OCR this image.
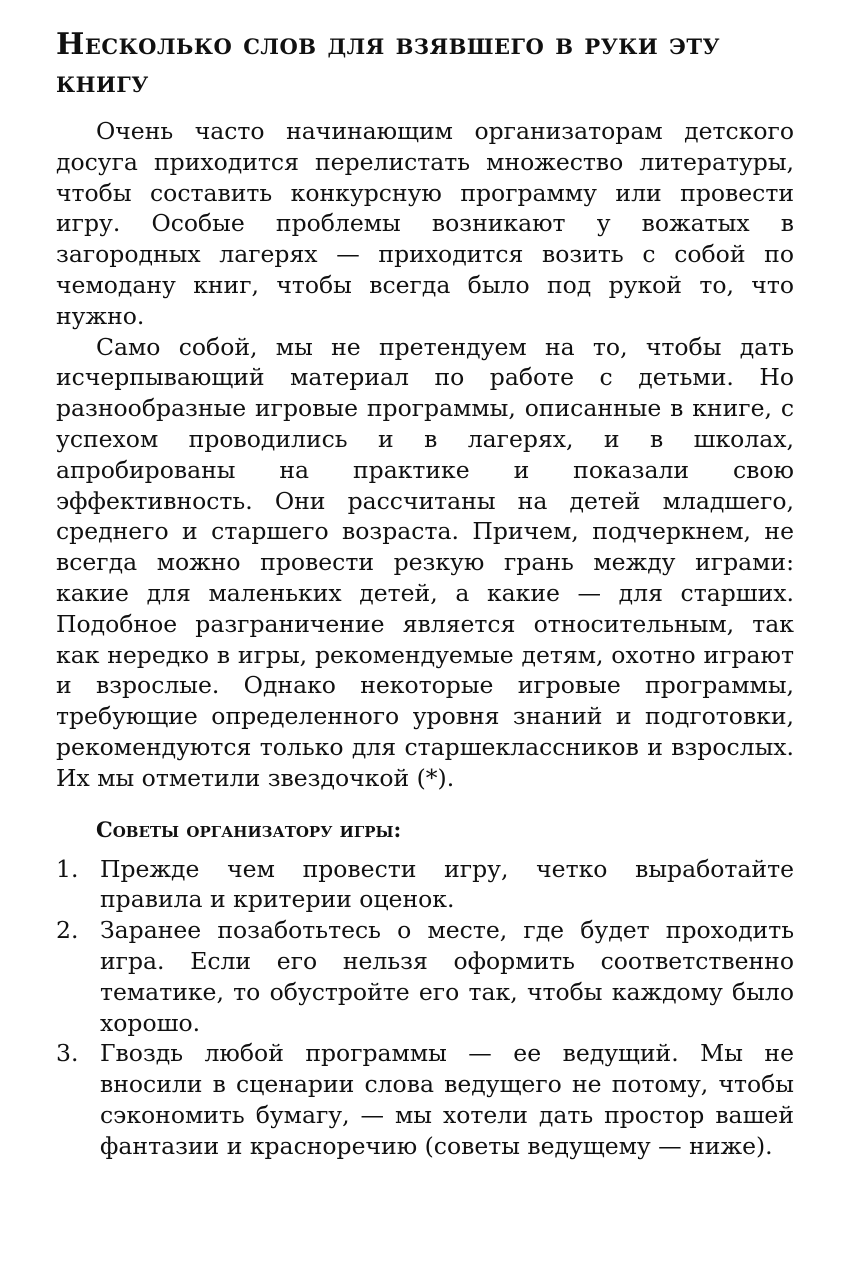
Несколько слов для взявшего в руки эту книгу

Очень часто начинающим организаторам детского досуга приходится перелистать множество литературы, чтобы составить конкурсную программу или провести игру. Особые проблемы возникают у вожатых в загородных лагерях — приходится возить с собой по чемодану книг, чтобы всегда было под рукой то, что нужно.

Само собой, мы не претендуем на то, чтобы дать исчерпывающий материал по работе с детьми. Но разнообразные игровые программы, описанные в книге, с успехом проводились и в лагерях, и в школах, апробированы на практике и показали свою эффективность. Они рассчитаны на детей младшего, среднего и старшего возраста. Причем, подчеркнем, не всегда можно провести резкую грань между играми: какие для маленьких детей, а какие — для старших. Подобное разграничение является относительным, так как нередко в игры, рекомендуемые детям, охотно играют и взрослые. Однако некоторые игровые программы, требующие определенного уровня знаний и подготовки, рекомендуются только для старшеклассников и взрослых. Их мы отметили звездочкой (*).

Советы организатору игры:
1. Прежде чем провести игру, четко выработайте правила и критерии оценок.
2. Заранее позаботьтесь о месте, где будет проходить игра. Если его нельзя оформить соответственно тематике, то обустройте его так, чтобы каждому было хорошо.
3. Гвоздь любой программы — ее ведущий. Мы не вносили в сценарии слова ведущего не потому, чтобы сэкономить бумагу, — мы хотели дать простор вашей фантазии и красноречию (советы ведущему — ниже).
